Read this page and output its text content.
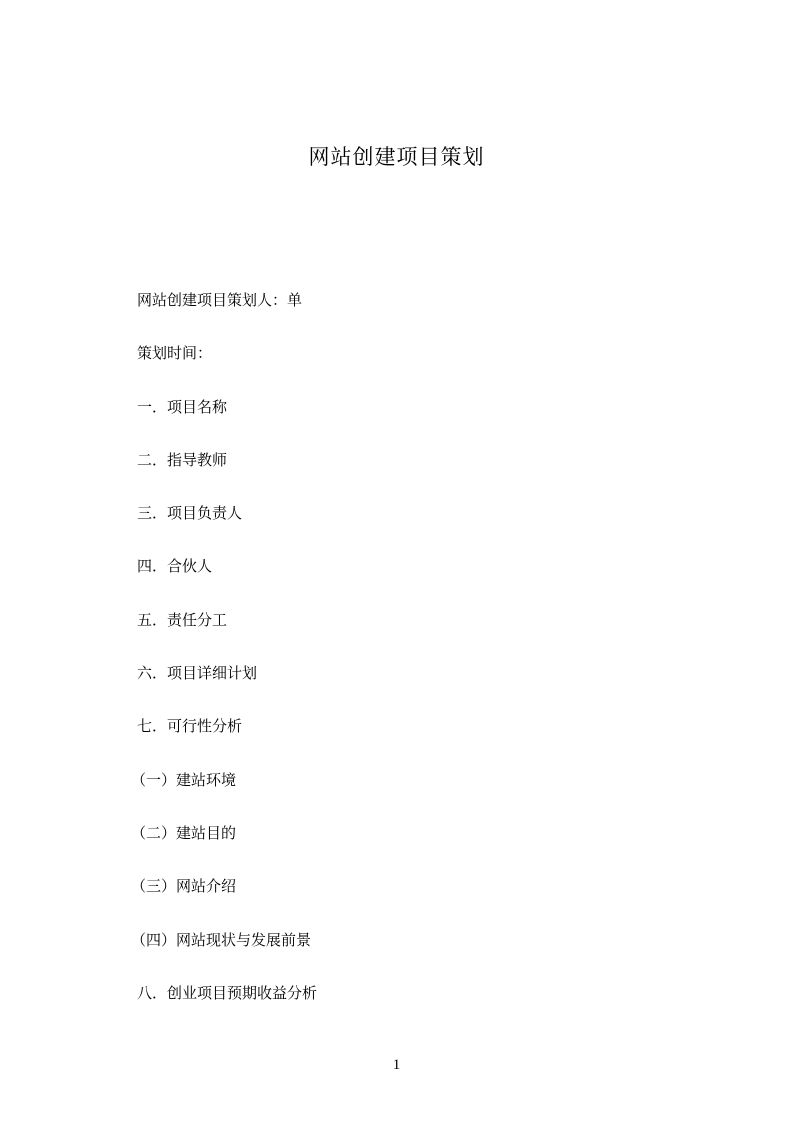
网站创建项目策划
网站创建项目策划人：单
策划时间：
一．项目名称
二．指导教师
三．项目负责人
四．合伙人
五．责任分工
六．项目详细计划
七．可行性分析
（一）建站环境
（二）建站目的
（三）网站介绍
（四）网站现状与发展前景
八．创业项目预期收益分析
1
